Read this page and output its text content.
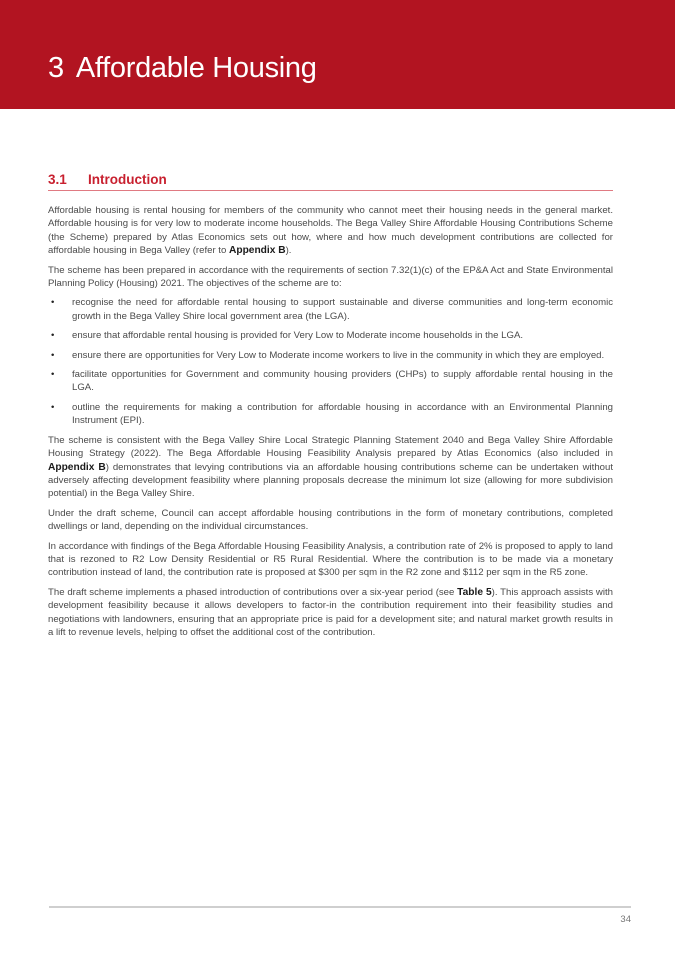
3 Affordable Housing
3.1	Introduction

Affordable housing is rental housing for members of the community who cannot meet their housing needs in the general market. Affordable housing is for very low to moderate income households. The Bega Valley Shire Affordable Housing Contributions Scheme (the Scheme) prepared by Atlas Economics sets out how, where and how much development contributions are collected for affordable housing in Bega Valley (refer to Appendix B).

The scheme has been prepared in accordance with the requirements of section 7.32(1)(c) of the EP&A Act and State Environmental Planning Policy (Housing) 2021. The objectives of the scheme are to:

• recognise the need for affordable rental housing to support sustainable and diverse communities and long-term economic growth in the Bega Valley Shire local government area (the LGA).
• ensure that affordable rental housing is provided for Very Low to Moderate income households in the LGA.
• ensure there are opportunities for Very Low to Moderate income workers to live in the community in which they are employed.
• facilitate opportunities for Government and community housing providers (CHPs) to supply affordable rental housing in the LGA.
• outline the requirements for making a contribution for affordable housing in accordance with an Environmental Planning Instrument (EPI).

The scheme is consistent with the Bega Valley Shire Local Strategic Planning Statement 2040 and Bega Valley Shire Affordable Housing Strategy (2022). The Bega Affordable Housing Feasibility Analysis prepared by Atlas Economics (also included in Appendix B) demonstrates that levying contributions via an affordable housing contributions scheme can be undertaken without adversely affecting development feasibility where planning proposals decrease the minimum lot size (allowing for more subdivision potential) in the Bega Valley Shire.

Under the draft scheme, Council can accept affordable housing contributions in the form of monetary contributions, completed dwellings or land, depending on the individual circumstances.

In accordance with findings of the Bega Affordable Housing Feasibility Analysis, a contribution rate of 2% is proposed to apply to land that is rezoned to R2 Low Density Residential or R5 Rural Residential. Where the contribution is to be made via a monetary contribution instead of land, the contribution rate is proposed at $300 per sqm in the R2 zone and $112 per sqm in the R5 zone.

The draft scheme implements a phased introduction of contributions over a six-year period (see Table 5). This approach assists with development feasibility because it allows developers to factor-in the contribution requirement into their feasibility studies and negotiations with landowners, ensuring that an appropriate price is paid for a development site; and natural market growth results in a lift to revenue levels, helping to offset the additional cost of the contribution.

34
